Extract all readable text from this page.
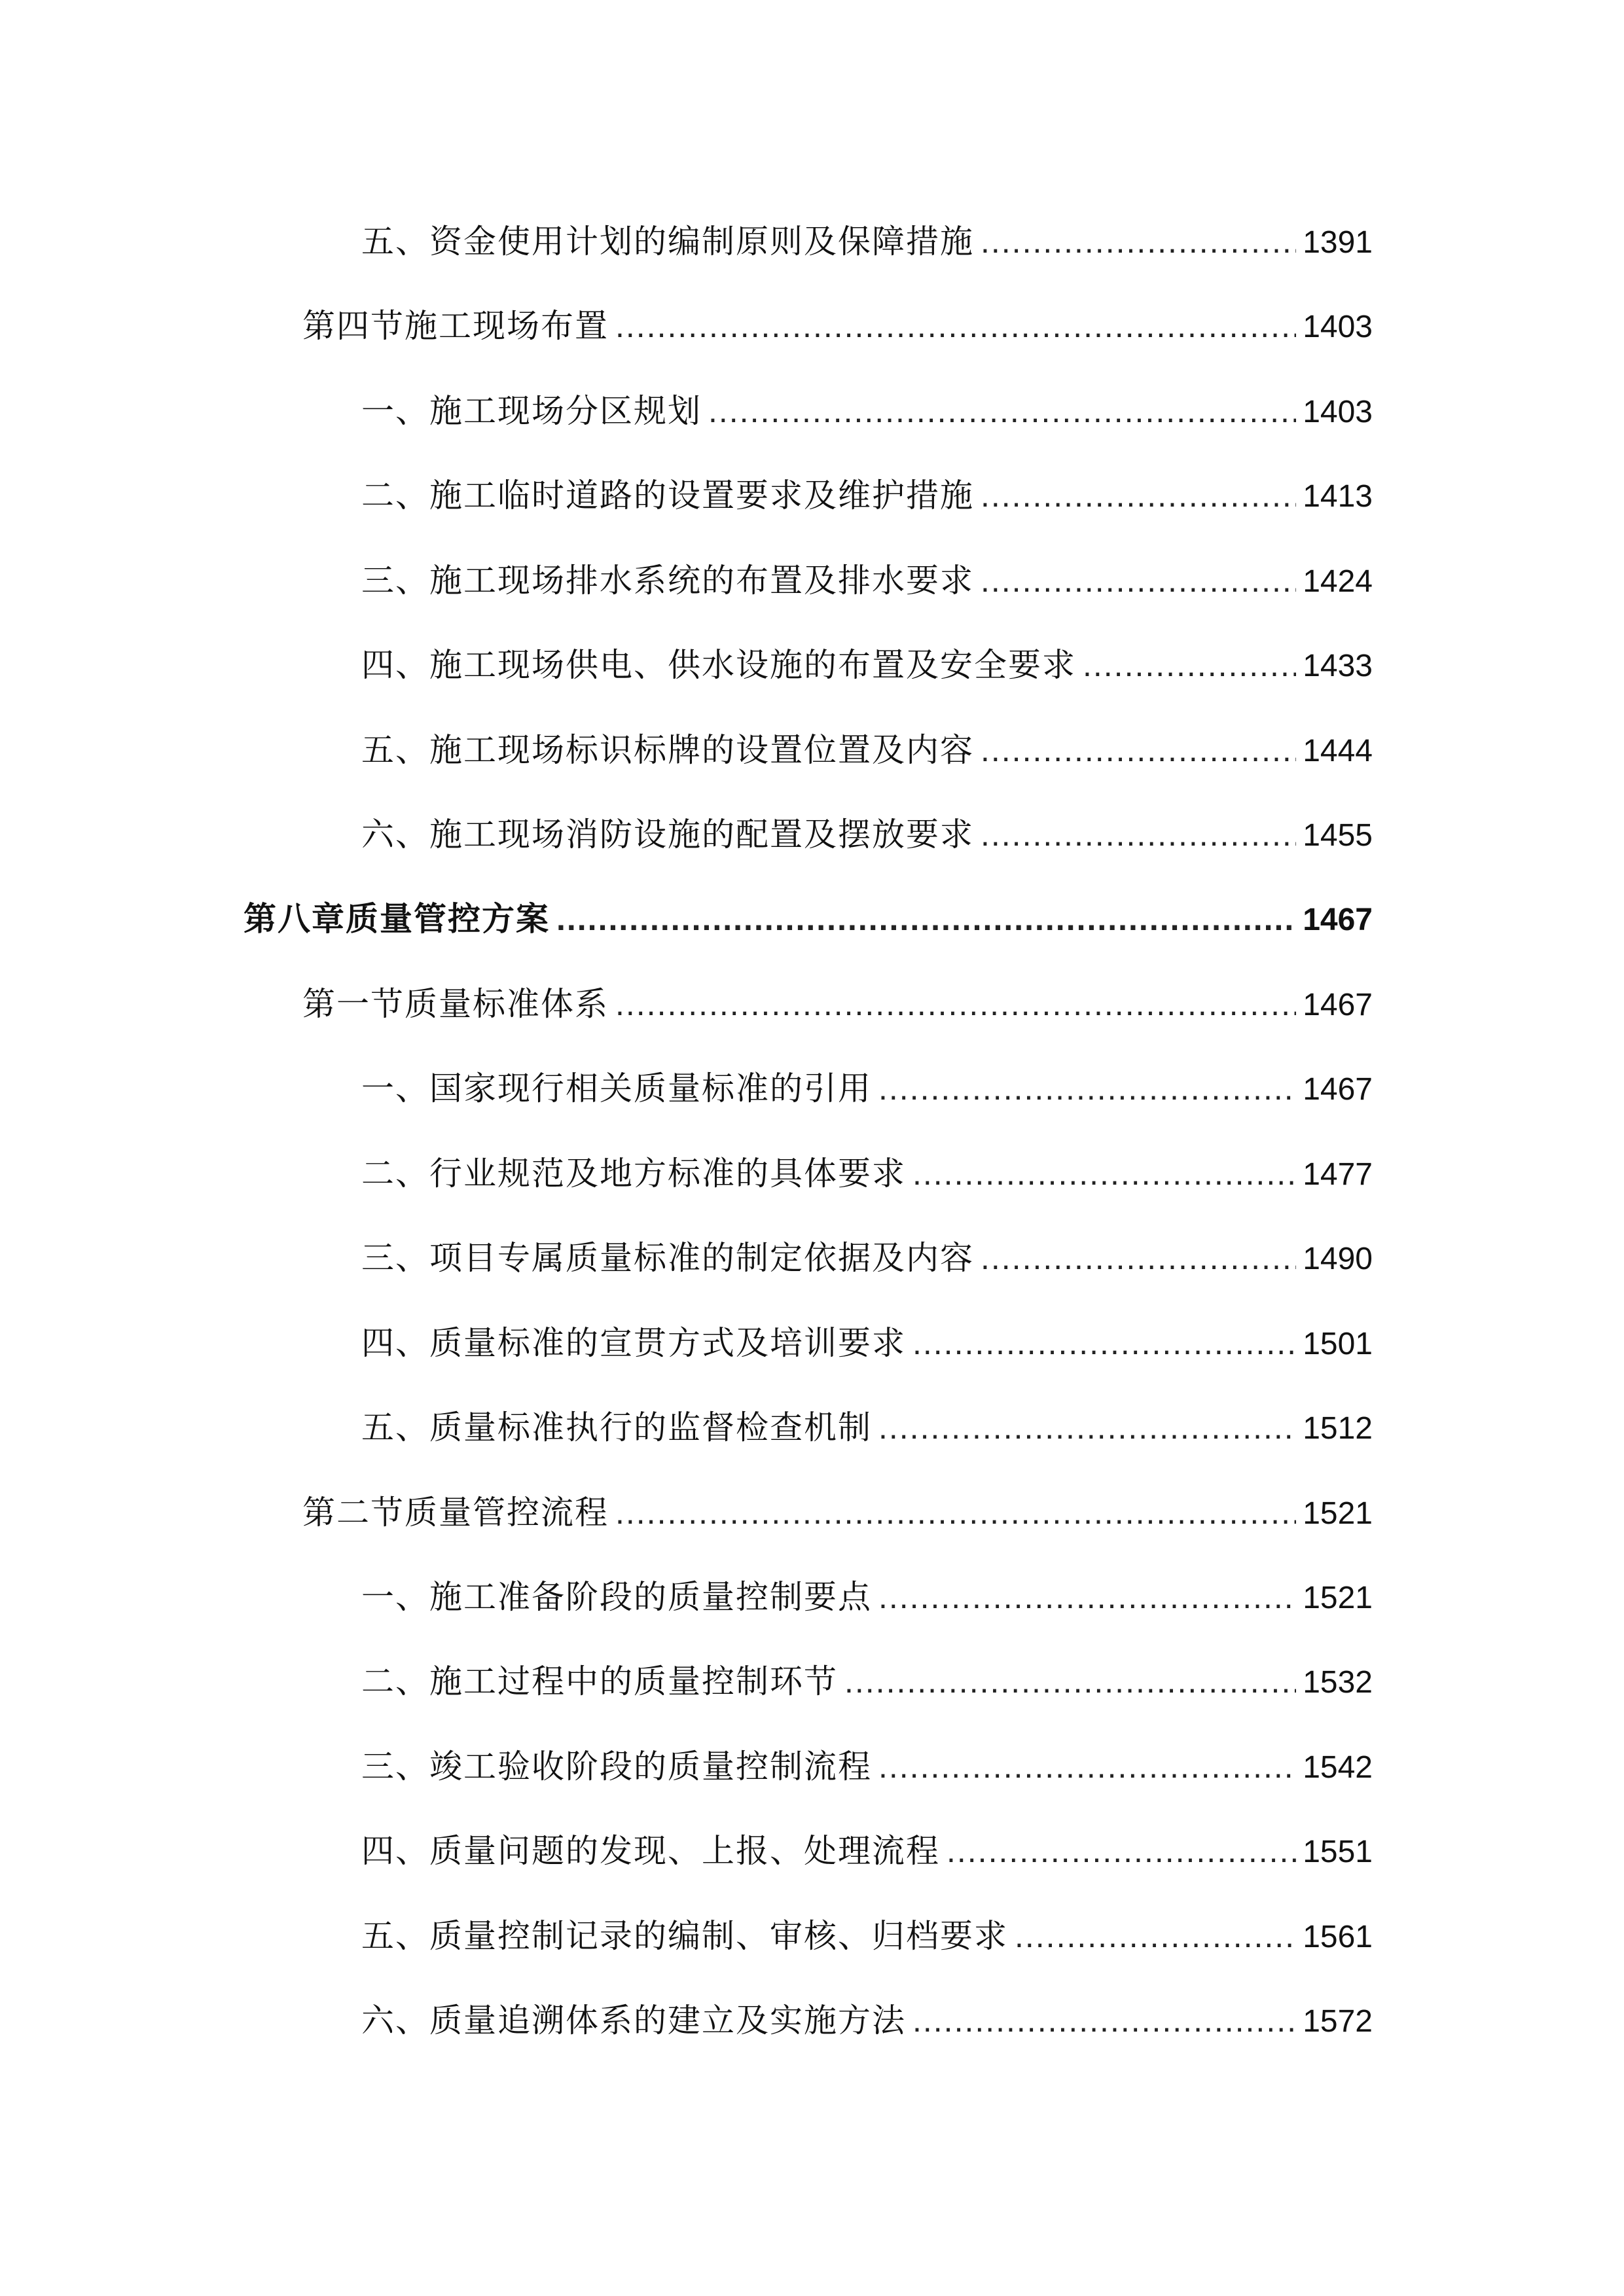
五、资金使用计划的编制原则及保障措施 .....	1391
第四节施工现场布置 .....	1403
一、施工现场分区规划 .....	1403
二、施工临时道路的设置要求及维护措施 .....	1413
三、施工现场排水系统的布置及排水要求 .....	1424
四、施工现场供电、供水设施的布置及安全要求 .....	1433
五、施工现场标识标牌的设置位置及内容 .....	1444
六、施工现场消防设施的配置及摆放要求 .....	1455
第八章质量管控方案 .....	1467
第一节质量标准体系 .....	1467
一、国家现行相关质量标准的引用 .....	1467
二、行业规范及地方标准的具体要求 .....	1477
三、项目专属质量标准的制定依据及内容 .....	1490
四、质量标准的宣贯方式及培训要求 .....	1501
五、质量标准执行的监督检查机制 .....	1512
第二节质量管控流程 .....	1521
一、施工准备阶段的质量控制要点 .....	1521
二、施工过程中的质量控制环节 .....	1532
三、竣工验收阶段的质量控制流程 .....	1542
四、质量问题的发现、上报、处理流程 .....	1551
五、质量控制记录的编制、审核、归档要求 .....	1561
六、质量追溯体系的建立及实施方法 .....	1572
